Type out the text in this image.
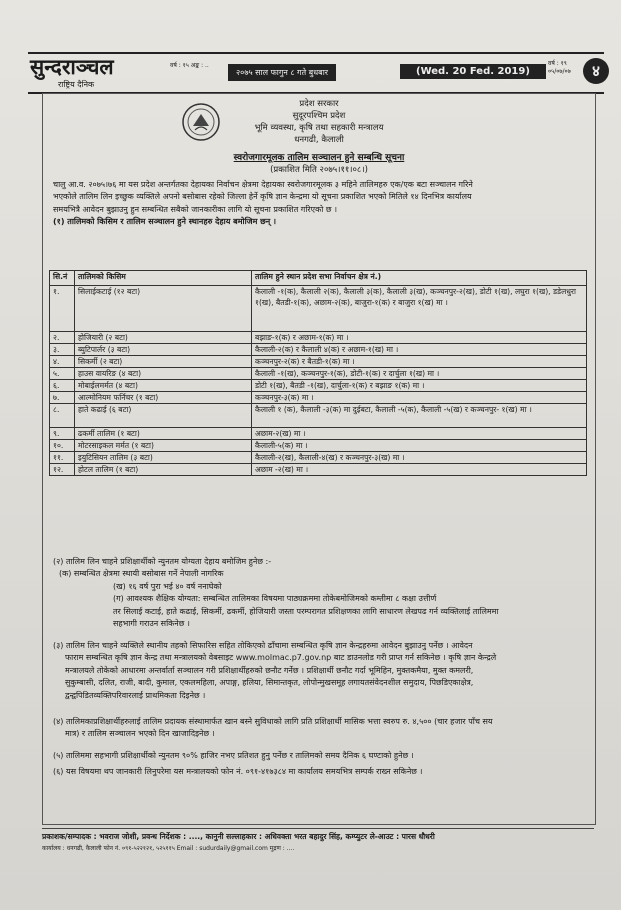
सुन्दराञ्चल
राष्ट्रिय दैनिक
वर्ष : १५ अङ्क : ..
२०७५ साल फागुन ८ गते बुधबार	(Wed. 20 Fed. 2019)
वर्ष : १९ ०५/०७/०७	४
प्रदेश सरकार
सुदूरपश्चिम प्रदेश
भूमि व्यवस्था, कृषि तथा सहकारी मन्त्रालय
धनगढी, कैलाली
स्वरोजगारमूलक तालिम सञ्चालन हुने सम्बन्धि सूचना
(प्रकाशित मिति २०७५।११।०८।)
चालु आ.व. २०७५।७६ मा यस प्रदेश अन्तर्गतका देहायका निर्वाचन क्षेत्रमा देहायका स्वरोजगारमूलक ३ महिने तालिमहरु एक/एक बटा सञ्चालन गरिने
भएकोले तालिम लिन इच्छुक व्यक्तिले अपनो बसोबास रहेको जिल्ला हेर्ने कृषि ज्ञान केन्द्रमा यो सूचना प्रकाशित भएको मितिले १४ दिनभित्र कार्यालय
समयभित्रै आवेदन बुझाउनु हुन सम्बन्धित सबैको जानकारीका लागि यो सूचना प्रकाशित गरिएको छ ।
(१) तालिमको किसिम र तालिम सञ्चालन हुने स्थानहरु देहाय बमोजिम छन् ।
सि.नं	तालिमको किसिम	तालिम हुने स्थान प्रदेश सभा निर्वाचन क्षेत्र नं.)
१.	सिलाईकटाई (१२ बटा)	कैलाली -१(क), कैलाली २(क), कैलाली ३(क), कैलाली ३(ख), कञ्चनपुर-२(ख), डोटी १(ख), लघुरा १(ख), डडेलधुरा १(ख), बैतडी-१(क), अछाम-२(क), बाजुरा-१(क) र बाजुरा १(ख) मा ।
२.	होजियारी (२ बटा)	बझाङ-१(क) र अछाम-१(क) मा ।
३.	ब्युटिपार्लर (३ बटा)	कैलाली-२(क) र कैलाली ४(क) र अछाम-१(ख) मा ।
४.	सिकर्मी (२ बटा)	कञ्चनपुर-२(क) र बैतडी-१(क) मा ।
५.	हाउस वायरिङ (४ बटा)	कैलाली -१(ख), कञ्चनपुर-१(क), डोटी-१(क) र दार्चुला १(ख) मा ।
६.	मोबाईलमर्मत (४ बटा)	डोटी १(ख), बैतडी -१(ख), दार्चुला-१(क) र बझाङ १(क) मा ।
७.	आल्मोनियम फर्निचर (१ बटा)	कञ्चनपुर-३(क) मा ।
८.	हाते कढाई (६ बटा)	कैलाली १ (क), कैलाली -३(क) मा दुईबटा, कैलाली -५(क), कैलाली -५(ख) र कञ्चनपुर- १(ख) मा ।
९.	ढकर्मी तालिम (१ बटा)	अछाम-२(ख) मा ।
१०.	मोटरसाइकल मर्मत (१ बटा)	कैलाली-५(क) मा ।
११.	इयुटिसियन तालिम (३ बटा)	कैलाली-२(ख), कैलाली-४(ख) र कञ्चनपुर-३(ख) मा ।
१२.	होटल तालिम (१ बटा)	अछाम -२(ख) मा ।
(२) तालिम लिन चाहने प्रशिक्षार्थीको न्युनतम योग्यता देहाय बमोजिम हुनेछ :-
(क) सम्बन्धित क्षेत्रमा स्थायी बसोबास गर्ने नेपाली नागरिक
(ख) १६ वर्ष पुरा भई ४० वर्ष ननाघेको
(ग) आवश्यक शैक्षिक योग्यता: सम्बन्धित तालिमका विषयमा पाठ्यक्रममा तोकेबमोजिमको कम्तीमा ८ कक्षा उत्तीर्ण
तर सिलाई कटाई, हाते कढाई, सिकर्मी, ढकर्मी, होजियारी जस्ता परम्परागत प्रशिक्षणका लागि साधारण लेखपढ गर्न व्यक्तिलाई तालिममा
सहभागी गराउन सकिनेछ ।
(३) तालिम लिन चाहने व्यक्तिले स्थानीय तहको सिफारिस सहित तोकिएको ढाँचामा सम्बन्धित कृषि ज्ञान केन्द्रहरुमा आवेदन बुझाउनु पर्नेछ । आवेदन
फाराम सम्बन्धित कृषि ज्ञान केन्द्र तथा मन्त्रालयको वेबसाइट www.molmac.p7.gov.np बाट डाउनलोड गरी प्राप्त गर्न सकिनेछ । कृषि ज्ञान केन्द्रले
मन्त्रालयले तोकेको आधारमा अन्तर्वार्ता सञ्चालन गरी प्रशिक्षार्थीहरुको छनौट गर्नेछ । प्रशिक्षार्थी छनौट गर्दा भूमिहिन, मुक्तकमैया, मुक्त कमलरी,
सुकुम्बासी, दलित, राजी, बादी, कुमाल, एकलमहिला, अपाङ्ग, हलिया, सिमान्तकृत, लोपोन्मुखसमूह लगायतसंवेदनशील समुदाय, पिछडिएकाक्षेत्र,
द्वन्द्वपिडितव्यक्तिपरिवारलाई प्राथमिकता दिइनेछ ।
(४) तालिमकाप्रशिक्षार्थीहरुलाई तालिम प्रदायक संस्थामार्फत खान बस्ने सुविधाको लागि प्रति प्रशिक्षार्थी मासिक भत्ता स्वरुप रु. ४,५०० (चार हजार पाँच सय
मात्र) र तालिम सञ्चालन भएको दिन खाजादिइनेछ ।
(५) तालिममा सहभागी प्रशिक्षार्थीको न्युनतम ९०% हाजिर नभए प्रतिशत हुनु पर्नेछ र तालिमको समय दैनिक ६ घण्टाको हुनेछ ।
(६) यस विषयमा थप जानकारी लिनुपरेमा यस मन्त्रालयको फोन नं. ०९१-४१७३८४ मा कार्यालय समयभित्र सम्पर्क राख्न सकिनेछ ।
प्रकाशक/सम्पादक : भवराज जोशी, प्रवन्ध निर्देशक : ...., कानुनी सल्लाहकार : अधिवक्ता भरत बहादुर सिंह, कम्प्युटर ले-आउट : पारस धौधरी
कार्यालय : धनगढी, कैलाली फोन नं. ०९१-५२२१२१, ५२५११५ Email : sudurdaily@gmail.com मुद्रण : ....
